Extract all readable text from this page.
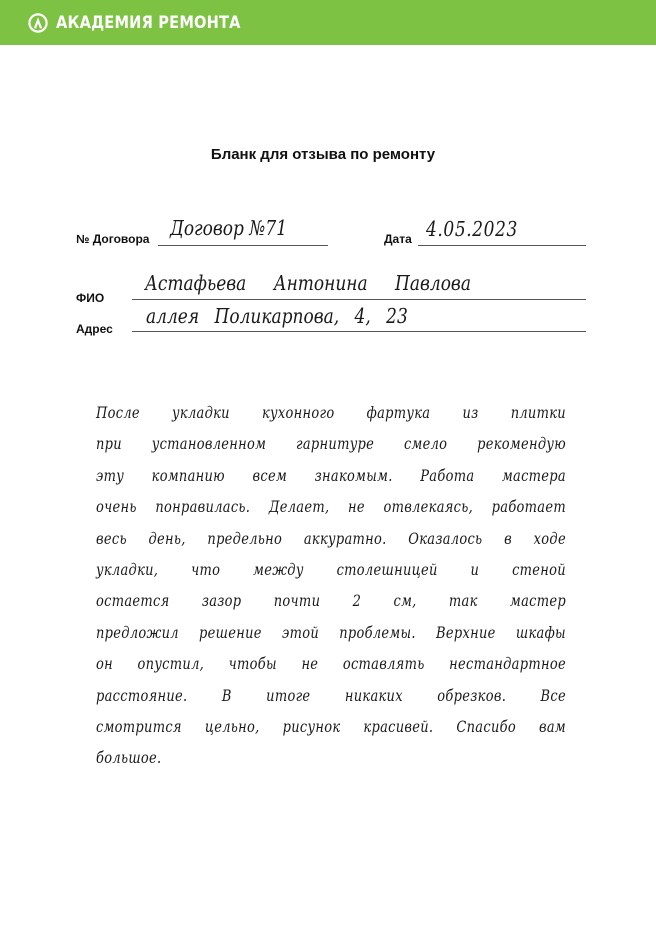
АКАДЕМИЯ РЕМОНТА
Бланк для отзыва по ремонту
№ Договора Договор №71	Дата 4.05.2023
ФИО
Астафьева Антонина Павлова
Адрес аллея Поликарпова, 4, 23
После укладки кухонного фартука из плитки
при установленном гарнитуре смело рекомендую
эту компанию всем знакомым. Работа мастера
очень понравилась. Делает, не отвлекаясь, работает
весь день, предельно аккуратно. Оказалось в ходе
укладки,	что	между	столешницей	и	стеной
остается зазор почти 2 см, так мастер
предложил решение этой проблемы. Верхние шкафы
он опустил, чтобы не оставлять нестандартное
расстояние.	В	итоге	никаких	обрезков.	Все
смотрится цельно, рисунок красивей. Спасибо вам
большое.
